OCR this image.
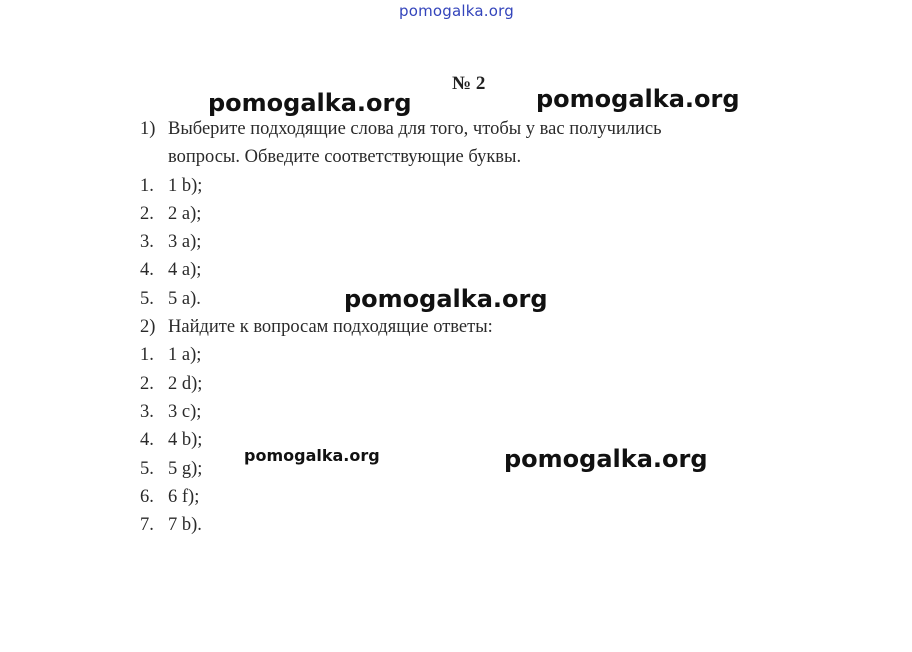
pomogalka.org
pomogalka.org	pomogalka.org
pomogalka.org
pomogalka.org	pomogalka.org
№ 2
1) Выберите подходящие слова для того, чтобы у вас получились
вопросы. Обведите соответствующие буквы.
1. 1 b);
2. 2 a);
3. 3 a);
4. 4 a);
5. 5 a).
2) Найдите к вопросам подходящие ответы:
1. 1 a);
2. 2 d);
3. 3 c);
4. 4 b);
5. 5 g);
6. 6 f);
7. 7 b).
